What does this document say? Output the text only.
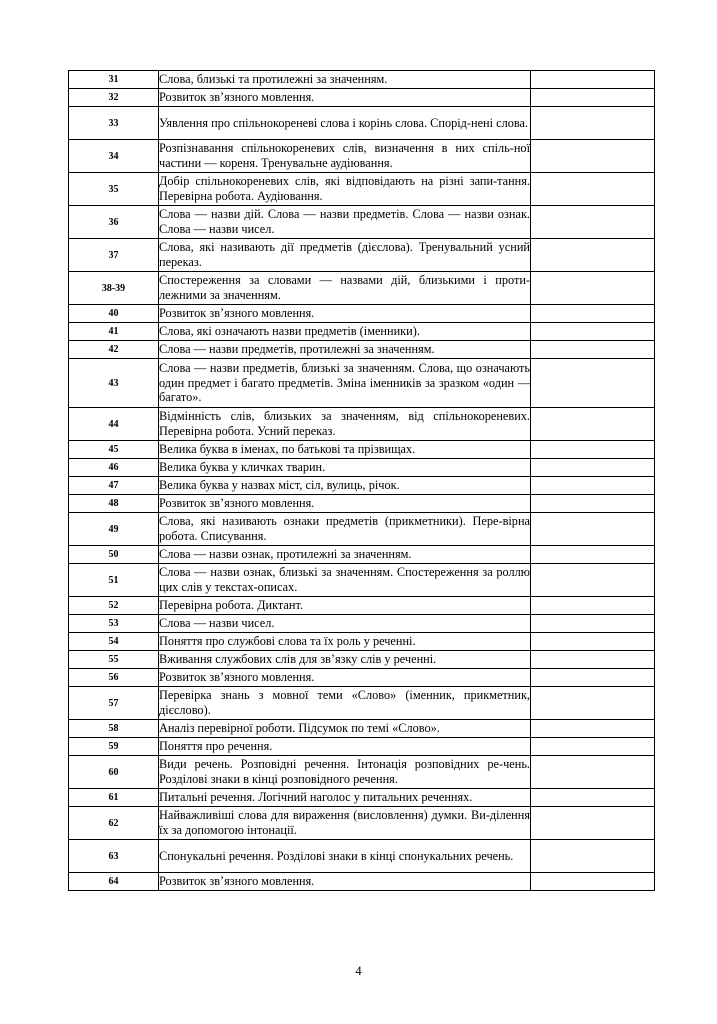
31	Слова, близькі та протилежні за значенням.	
32	Розвиток зв’язного мовлення.	
33	Уявлення про спільнокореневі слова і корінь слова. Спорід-нені слова.	
34	Розпізнавання спільнокореневих слів, визначення в них спіль-ної частини — кореня. Тренувальне аудіювання.	
35	Добір спільнокореневих слів, які відповідають на різні запи-тання. Перевірна робота. Аудіювання.	
36	Слова — назви дій. Слова — назви предметів. Слова — назви ознак. Слова — назви чисел.	
37	Слова, які називають дії предметів (дієслова). Тренувальний усний переказ.	
38-39	Спостереження за словами — назвами дій, близькими і проти-лежними за значенням.	
40	Розвиток зв’язного мовлення.	
41	Слова, які означають назви предметів (іменники).	
42	Слова — назви предметів, протилежні за значенням.	
43	Слова — назви предметів, близькі за значенням. Слова, що означають один предмет і багато предметів. Зміна іменників за зразком «один — багато».	
44	Відмінність слів, близьких за значенням, від спільнокореневих. Перевірна робота. Усний переказ.	
45	Велика буква в іменах, по батькові та прізвищах.	
46	Велика буква у кличках тварин.	
47	Велика буква у назвах міст, сіл, вулиць, річок.	
48	Розвиток зв’язного мовлення.	
49	Слова, які називають ознаки предметів (прикметники). Пере-вірна робота. Списування.	
50	Слова — назви ознак, протилежні за значенням.	
51	Слова — назви ознак, близькі за значенням. Спостереження за роллю цих слів у текстах-описах.	
52	Перевірна робота. Диктант.	
53	Слова — назви чисел.	
54	Поняття про службові слова та їх роль у реченні.	
55	Вживання службових слів для зв’язку слів у реченні.	
56	Розвиток зв’язного мовлення.	
57	Перевірка знань з мовної теми «Слово» (іменник, прикметник, дієслово).	
58	Аналіз перевірної роботи. Підсумок по темі «Слово».	
59	Поняття про речення.	
60	Види речень. Розповідні речення. Інтонація розповідних ре-чень. Розділові знаки в кінці розповідного речення.	
61	Питальні речення. Логічний наголос у питальних реченнях.	
62	Найважливіші слова для вираження (висловлення) думки. Ви-ділення їх за допомогою інтонації.	
63	Спонукальні речення. Розділові знаки в кінці спонукальних речень.	
64	Розвиток зв’язного мовлення.	
4
